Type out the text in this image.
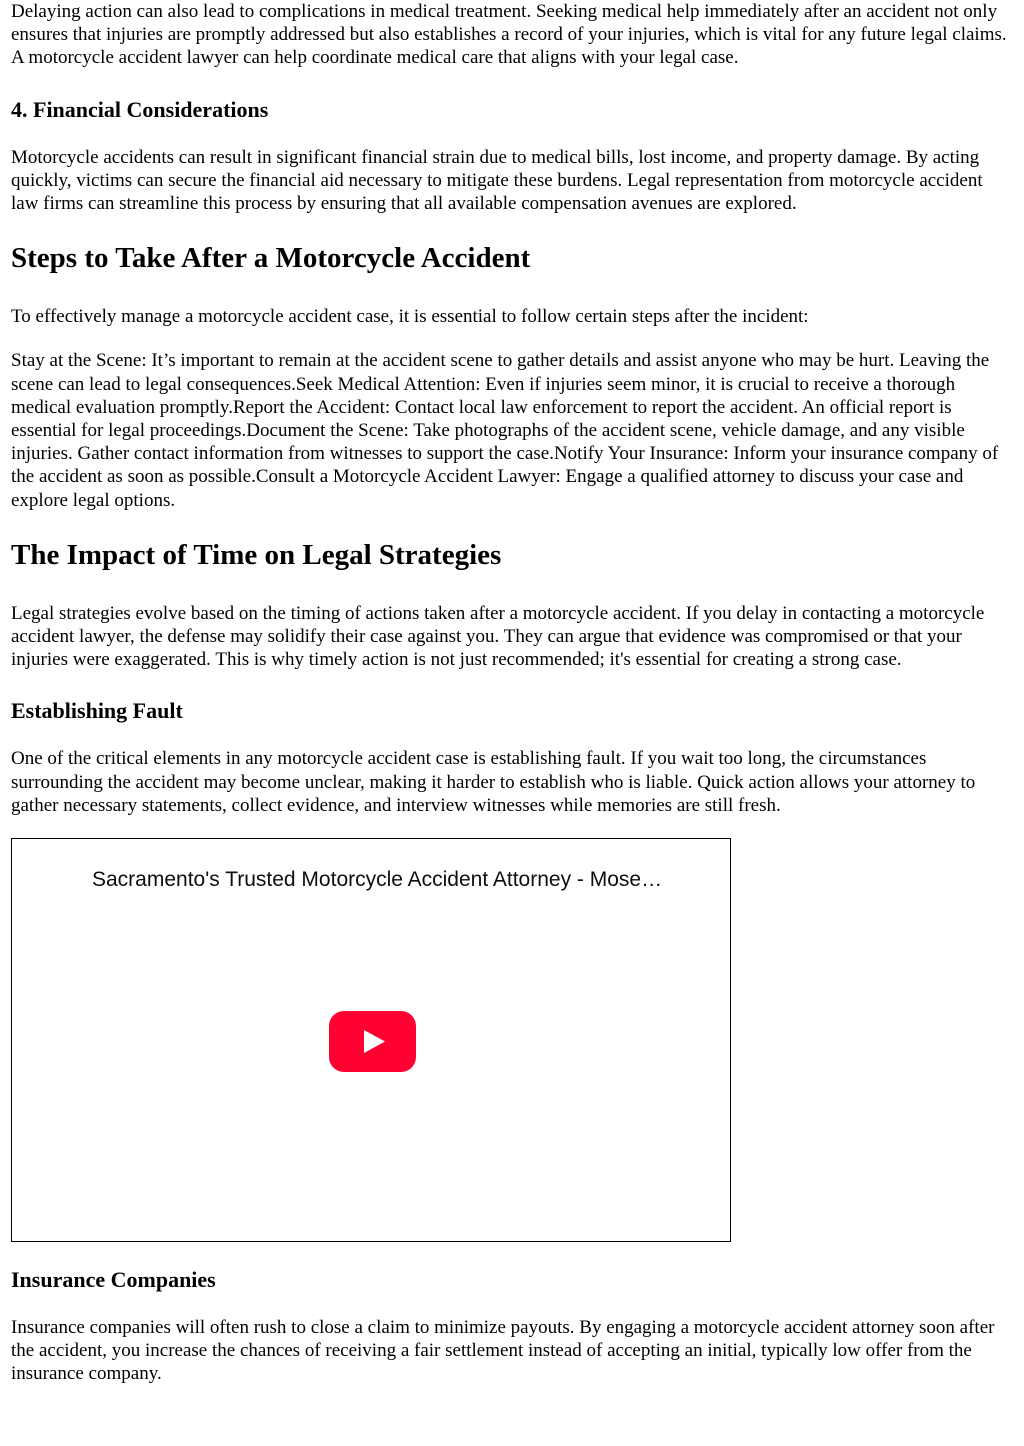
Delaying action can also lead to complications in medical treatment. Seeking medical help immediately after an accident not only ensures that injuries are promptly addressed but also establishes a record of your injuries, which is vital for any future legal claims. A motorcycle accident lawyer can help coordinate medical care that aligns with your legal case.

4. Financial Considerations

Motorcycle accidents can result in significant financial strain due to medical bills, lost income, and property damage. By acting quickly, victims can secure the financial aid necessary to mitigate these burdens. Legal representation from motorcycle accident law firms can streamline this process by ensuring that all available compensation avenues are explored.

Steps to Take After a Motorcycle Accident

To effectively manage a motorcycle accident case, it is essential to follow certain steps after the incident:

Stay at the Scene: It’s important to remain at the accident scene to gather details and assist anyone who may be hurt. Leaving the scene can lead to legal consequences.Seek Medical Attention: Even if injuries seem minor, it is crucial to receive a thorough medical evaluation promptly.Report the Accident: Contact local law enforcement to report the accident. An official report is essential for legal proceedings.Document the Scene: Take photographs of the accident scene, vehicle damage, and any visible injuries. Gather contact information from witnesses to support the case.Notify Your Insurance: Inform your insurance company of the accident as soon as possible.Consult a Motorcycle Accident Lawyer: Engage a qualified attorney to discuss your case and explore legal options.

The Impact of Time on Legal Strategies

Legal strategies evolve based on the timing of actions taken after a motorcycle accident. If you delay in contacting a motorcycle accident lawyer, the defense may solidify their case against you. They can argue that evidence was compromised or that your injuries were exaggerated. This is why timely action is not just recommended; it's essential for creating a strong case.

Establishing Fault

One of the critical elements in any motorcycle accident case is establishing fault. If you wait too long, the circumstances surrounding the accident may become unclear, making it harder to establish who is liable. Quick action allows your attorney to gather necessary statements, collect evidence, and interview witnesses while memories are still fresh.

Sacramento's Trusted Motorcycle Accident Attorney - Mose…
Insurance Companies

Insurance companies will often rush to close a claim to minimize payouts. By engaging a motorcycle accident attorney soon after the accident, you increase the chances of receiving a fair settlement instead of accepting an initial, typically low offer from the insurance company.
